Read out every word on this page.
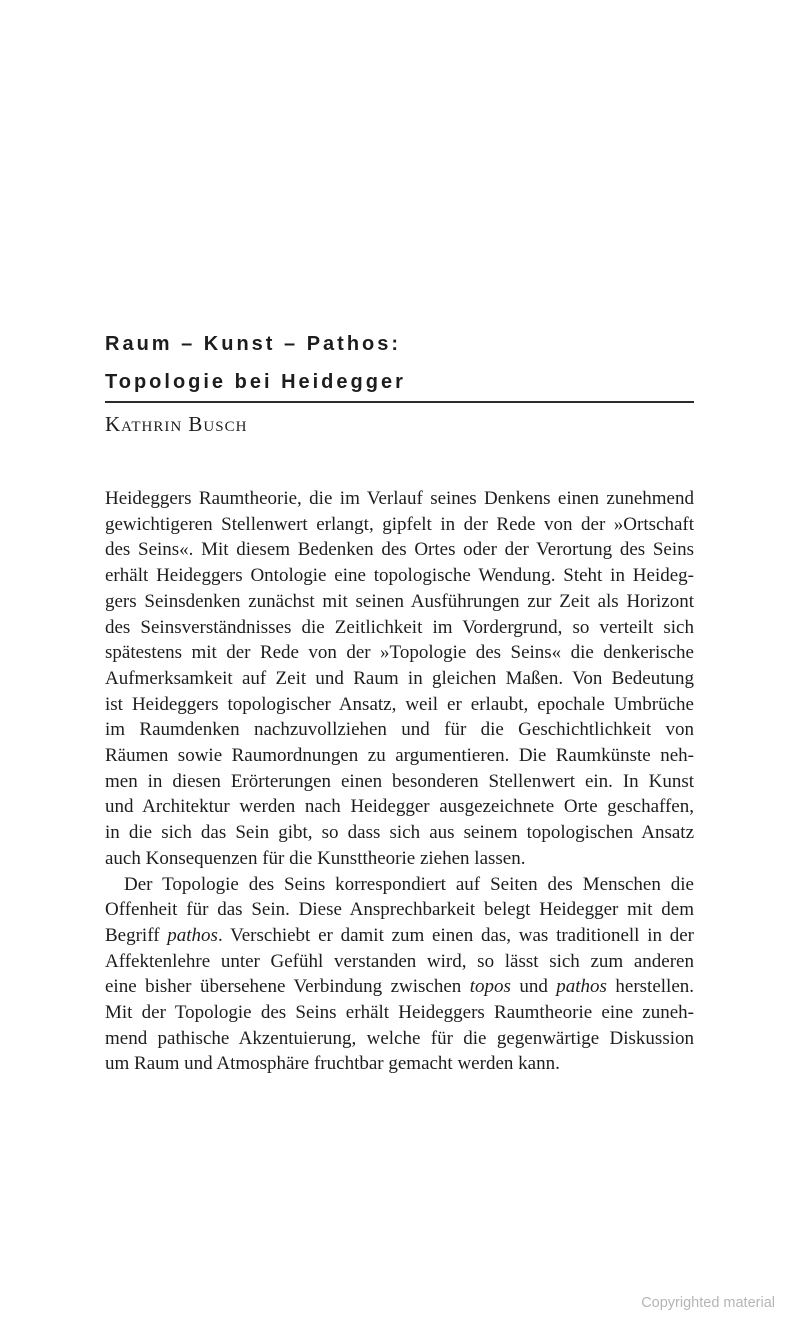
Raum – Kunst – Pathos:
Topologie bei Heidegger
Kathrin Busch
Heideggers Raumtheorie, die im Verlauf seines Denkens einen zunehmend
gewichtigeren Stellenwert erlangt, gipfelt in der Rede von der »Ortschaft
des Seins«. Mit diesem Bedenken des Ortes oder der Verortung des Seins
erhält Heideggers Ontologie eine topologische Wendung. Steht in Heideg-
gers Seinsdenken zunächst mit seinen Ausführungen zur Zeit als Horizont
des Seinsverständnisses die Zeitlichkeit im Vordergrund, so verteilt sich
spätestens mit der Rede von der »Topologie des Seins« die denkerische
Aufmerksamkeit auf Zeit und Raum in gleichen Maßen. Von Bedeutung
ist Heideggers topologischer Ansatz, weil er erlaubt, epochale Umbrüche
im Raumdenken nachzuvollziehen und für die Geschichtlichkeit von
Räumen sowie Raumordnungen zu argumentieren. Die Raumkünste neh-
men in diesen Erörterungen einen besonderen Stellenwert ein. In Kunst
und Architektur werden nach Heidegger ausgezeichnete Orte geschaffen,
in die sich das Sein gibt, so dass sich aus seinem topologischen Ansatz
auch Konsequenzen für die Kunsttheorie ziehen lassen.
Der Topologie des Seins korrespondiert auf Seiten des Menschen die
Offenheit für das Sein. Diese Ansprechbarkeit belegt Heidegger mit dem
Begriff pathos. Verschiebt er damit zum einen das, was traditionell in der
Affektenlehre unter Gefühl verstanden wird, so lässt sich zum anderen
eine bisher übersehene Verbindung zwischen topos und pathos herstellen.
Mit der Topologie des Seins erhält Heideggers Raumtheorie eine zuneh-
mend pathische Akzentuierung, welche für die gegenwärtige Diskussion
um Raum und Atmosphäre fruchtbar gemacht werden kann.
Copyrighted material
